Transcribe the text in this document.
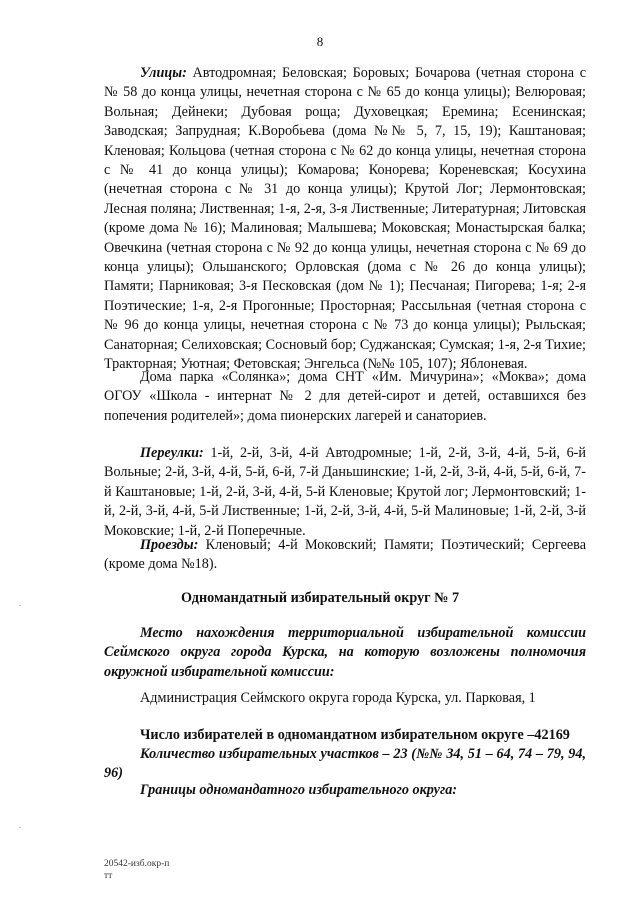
8
Улицы: Автодромная; Беловская; Боровых; Бочарова (четная сторона с № 58 до конца улицы, нечетная сторона с № 65 до конца улицы); Велюровая; Вольная; Дейнеки; Дубовая роща; Духовецкая; Еремина; Есенинская; Заводская; Запрудная; К.Воробьева (дома №№ 5, 7, 15, 19); Каштановая; Кленовая; Кольцова (четная сторона с № 62 до конца улицы, нечетная сторона с № 41 до конца улицы); Комарова; Конорева; Кореневская; Косухина (нечетная сторона с № 31 до конца улицы); Крутой Лог; Лермонтовская; Лесная поляна; Лиственная; 1-я, 2-я, 3-я Лиственные; Литературная; Литовская (кроме дома № 16); Малиновая; Малышева; Моковская; Монастырская балка; Овечкина (четная сторона с № 92 до конца улицы, нечетная сторона с № 69 до конца улицы); Ольшанского; Орловская (дома с № 26 до конца улицы); Памяти; Парниковая; 3-я Песковская (дом № 1); Песчаная; Пигорева; 1-я; 2-я Поэтические; 1-я, 2-я Прогонные; Просторная; Рассыльная (четная сторона с № 96 до конца улицы, нечетная сторона с № 73 до конца улицы); Рыльская; Санаторная; Селиховская; Сосновый бор; Суджанская; Сумская; 1-я, 2-я Тихие; Тракторная; Уютная; Фетовская; Энгельса (№№ 105, 107); Яблоневая.
Дома парка «Солянка»; дома СНТ «Им. Мичурина»; «Моква»; дома ОГОУ «Школа - интернат № 2 для детей-сирот и детей, оставшихся без попечения родителей»; дома пионерских лагерей и санаториев.
Переулки: 1-й, 2-й, 3-й, 4-й Автодромные; 1-й, 2-й, 3-й, 4-й, 5-й, 6-й Вольные; 2-й, 3-й, 4-й, 5-й, 6-й, 7-й Даньшинские; 1-й, 2-й, 3-й, 4-й, 5-й, 6-й, 7-й Каштановые; 1-й, 2-й, 3-й, 4-й, 5-й Кленовые; Крутой лог; Лермонтовский; 1-й, 2-й, 3-й, 4-й, 5-й Лиственные; 1-й, 2-й, 3-й, 4-й, 5-й Малиновые; 1-й, 2-й, 3-й Моковские; 1-й, 2-й Поперечные.
Проезды: Кленовый; 4-й Моковский; Памяти; Поэтический; Сергеева (кроме дома №18).
Одномандатный избирательный округ № 7
Место нахождения территориальной избирательной комиссии Сеймского округа города Курска, на которую возложены полномочия окружной избирательной комиссии:
Администрация Сеймского округа города Курска, ул. Парковая, 1
Число избирателей в одномандатном избирательном округе –42169
Количество избирательных участков – 23 (№№ 34, 51 – 64, 74 – 79, 94, 96)
Границы одномандатного избирательного округа:
·
·
20542-изб.окр-п
тт
